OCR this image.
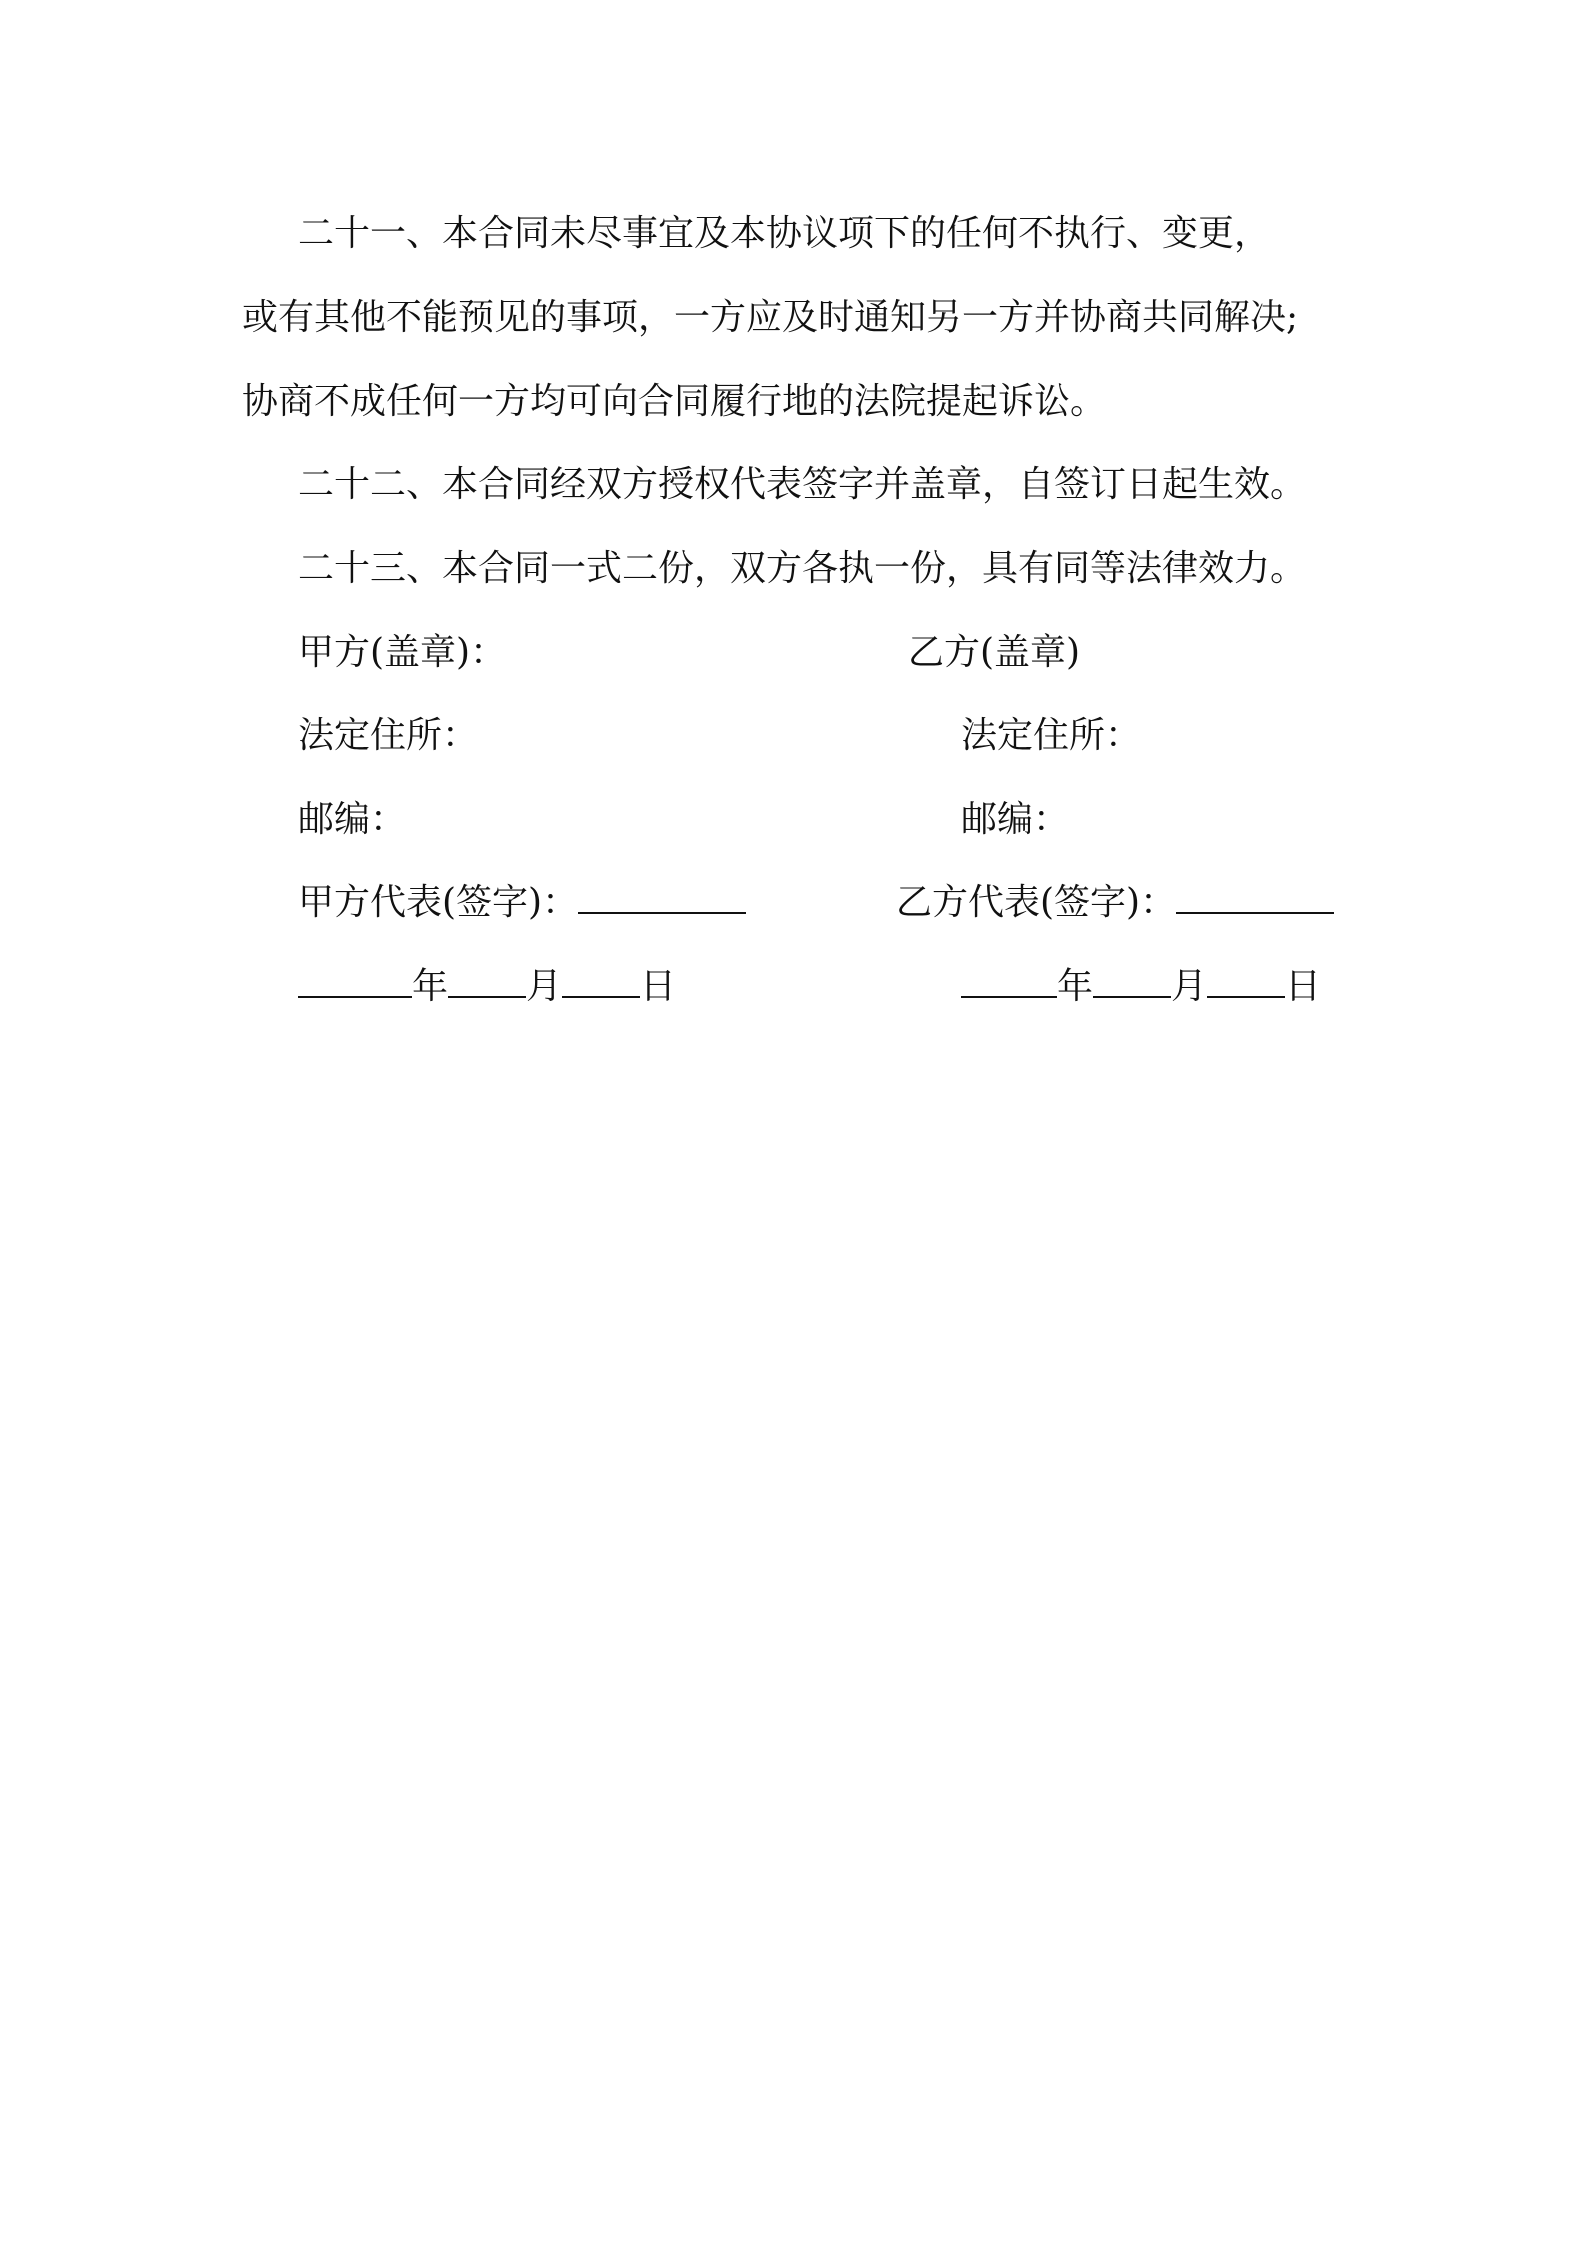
二十一、本合同未尽事宜及本协议项下的任何不执行、变更，
或有其他不能预见的事项，一方应及时通知另一方并协商共同解决;
协商不成任何一方均可向合同履行地的法院提起诉讼。
二十二、本合同经双方授权代表签字并盖章，自签订日起生效。
二十三、本合同一式二份，双方各执一份，具有同等法律效力。
甲方(盖章)：
法定住所：
邮编：
甲方代表(签字)：
年 月 日
乙方(盖章)
法定住所：
邮编：
乙方代表(签字)：
年 月 日
